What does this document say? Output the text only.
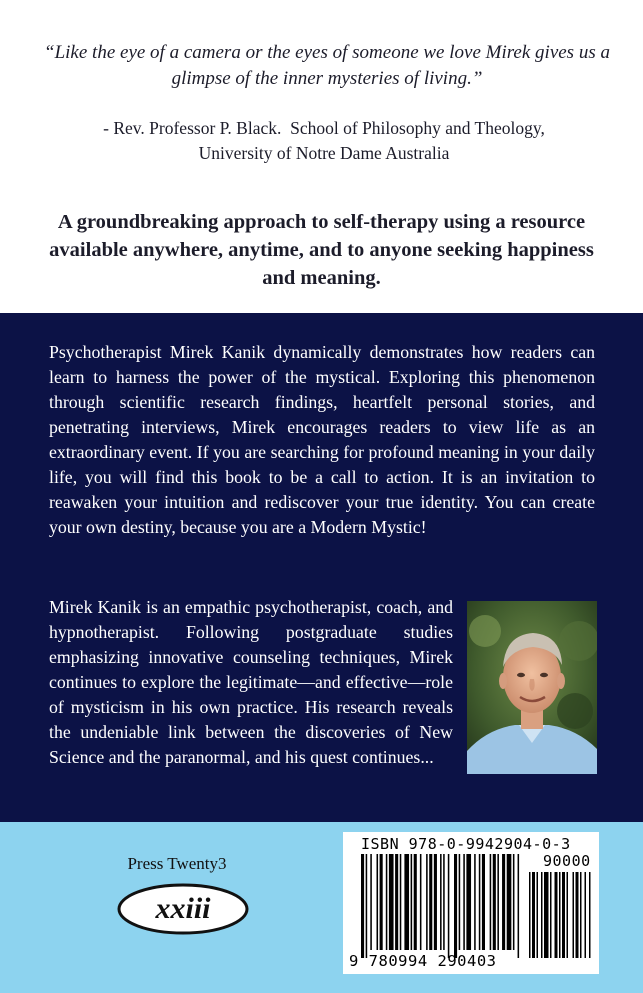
“Like the eye of a camera or the eyes of someone we love Mirek gives us a glimpse of the inner mysteries of living.”
- Rev. Professor P. Black.  School of Philosophy and Theology,
University of Notre Dame Australia
A groundbreaking approach to self-therapy using a resource available anywhere, anytime, and to anyone seeking happiness and meaning.

Psychotherapist Mirek Kanik dynamically demonstrates how readers can learn to harness the power of the mystical. Exploring this phenomenon through scientific research findings, heartfelt personal stories, and penetrating interviews, Mirek encourages readers to view life as an extraordinary event. If you are searching for profound meaning in your daily life, you will find this book to be a call to action. It is an invitation to reawaken your intuition and rediscover your true identity. You can create your own destiny, because you are a Modern Mystic!

Mirek Kanik is an empathic psychotherapist, coach, and hypnotherapist. Following postgraduate studies emphasizing innovative counseling techniques, Mirek continues to explore the legitimate—and effective—role of mysticism in his own practice. His research reveals the undeniable link between the discoveries of New Science and the paranormal, and his quest continues...

Press Twenty3
xxiii
ISBN 978-0-9942904-0-3
90000
9 780994 290403
